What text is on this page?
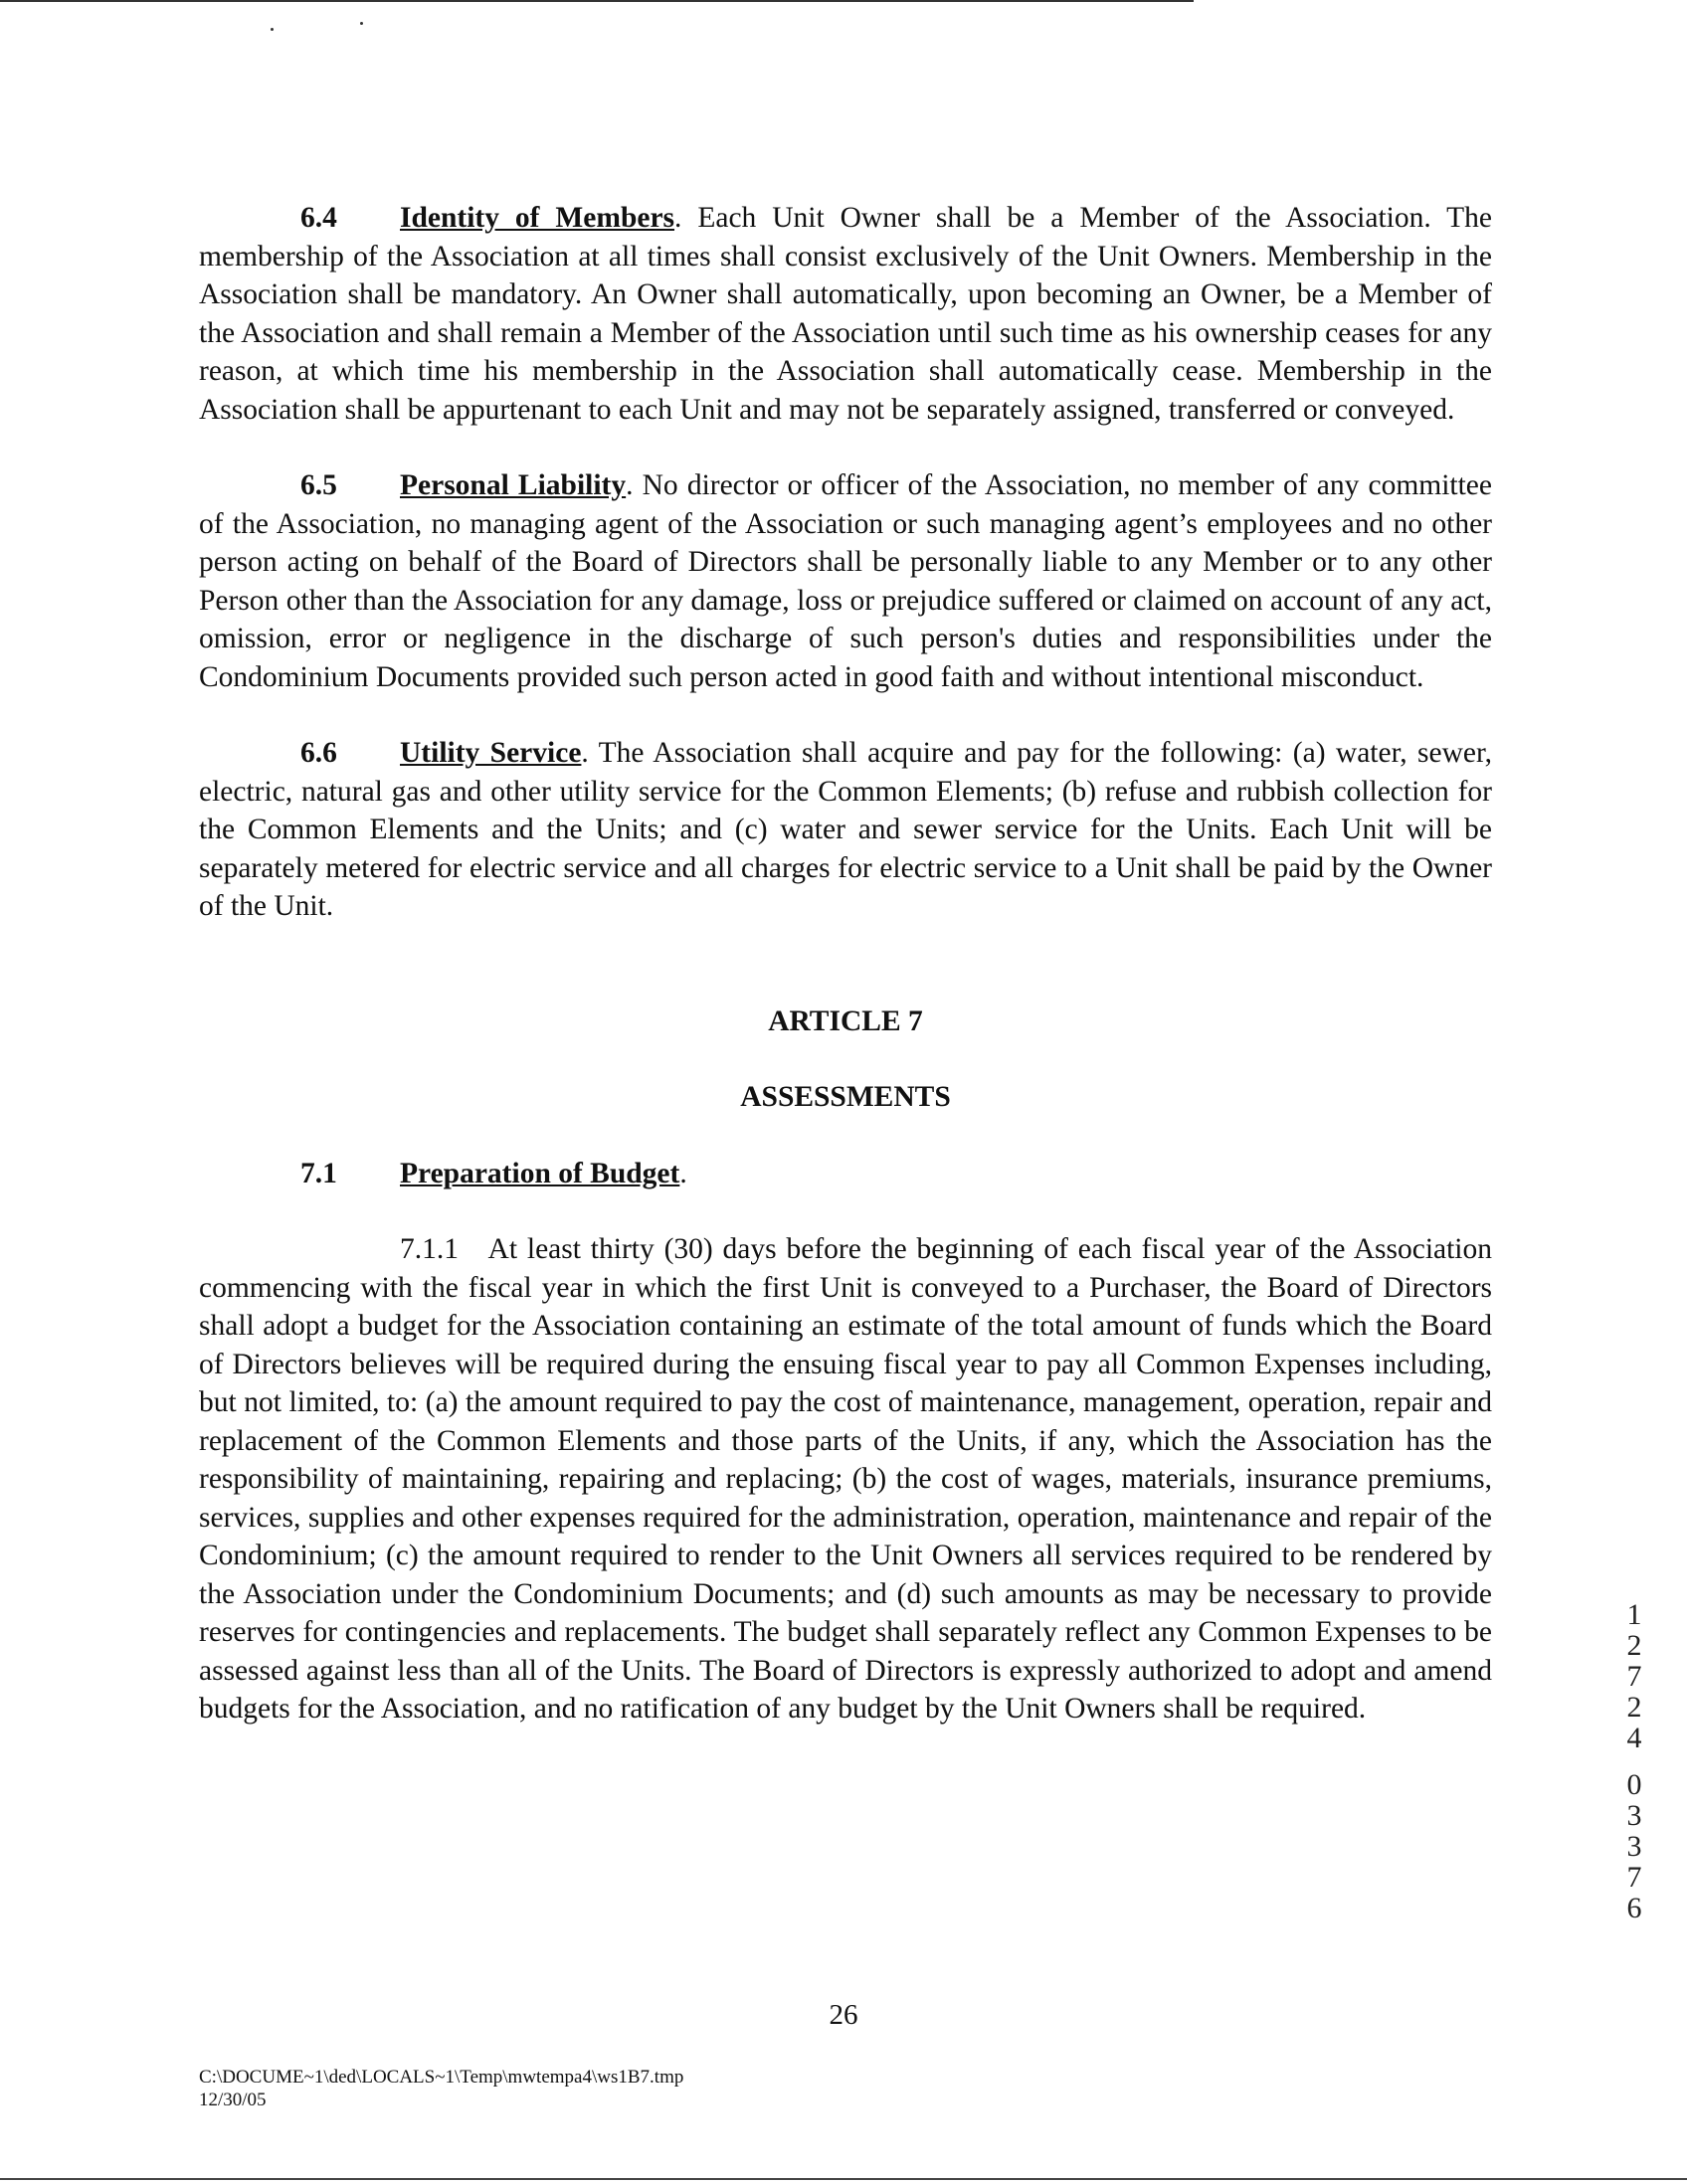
6.4 Identity of Members. Each Unit Owner shall be a Member of the Association. The membership of the Association at all times shall consist exclusively of the Unit Owners. Membership in the Association shall be mandatory. An Owner shall automatically, upon becoming an Owner, be a Member of the Association and shall remain a Member of the Association until such time as his ownership ceases for any reason, at which time his membership in the Association shall automatically cease. Membership in the Association shall be appurtenant to each Unit and may not be separately assigned, transferred or conveyed.

6.5 Personal Liability. No director or officer of the Association, no member of any committee of the Association, no managing agent of the Association or such managing agent’s employees and no other person acting on behalf of the Board of Directors shall be personally liable to any Member or to any other Person other than the Association for any damage, loss or prejudice suffered or claimed on account of any act, omission, error or negligence in the discharge of such person's duties and responsibilities under the Condominium Documents provided such person acted in good faith and without intentional misconduct.

6.6 Utility Service. The Association shall acquire and pay for the following: (a) water, sewer, electric, natural gas and other utility service for the Common Elements; (b) refuse and rubbish collection for the Common Elements and the Units; and (c) water and sewer service for the Units. Each Unit will be separately metered for electric service and all charges for electric service to a Unit shall be paid by the Owner of the Unit.

ARTICLE 7

ASSESSMENTS

7.1 Preparation of Budget.

7.1.1 At least thirty (30) days before the beginning of each fiscal year of the Association commencing with the fiscal year in which the first Unit is conveyed to a Purchaser, the Board of Directors shall adopt a budget for the Association containing an estimate of the total amount of funds which the Board of Directors believes will be required during the ensuing fiscal year to pay all Common Expenses including, but not limited, to: (a) the amount required to pay the cost of maintenance, management, operation, repair and replacement of the Common Elements and those parts of the Units, if any, which the Association has the responsibility of maintaining, repairing and replacing; (b) the cost of wages, materials, insurance premiums, services, supplies and other expenses required for the administration, operation, maintenance and repair of the Condominium; (c) the amount required to render to the Unit Owners all services required to be rendered by the Association under the Condominium Documents; and (d) such amounts as may be necessary to provide reserves for contingencies and replacements. The budget shall separately reflect any Common Expenses to be assessed against less than all of the Units. The Board of Directors is expressly authorized to adopt and amend budgets for the Association, and no ratification of any budget by the Unit Owners shall be required.

26
C:\DOCUME~1\ded\LOCALS~1\Temp\mwtempa4\ws1B7.tmp
12/30/05
1
2
7
2
4
0
3
3
7
6
